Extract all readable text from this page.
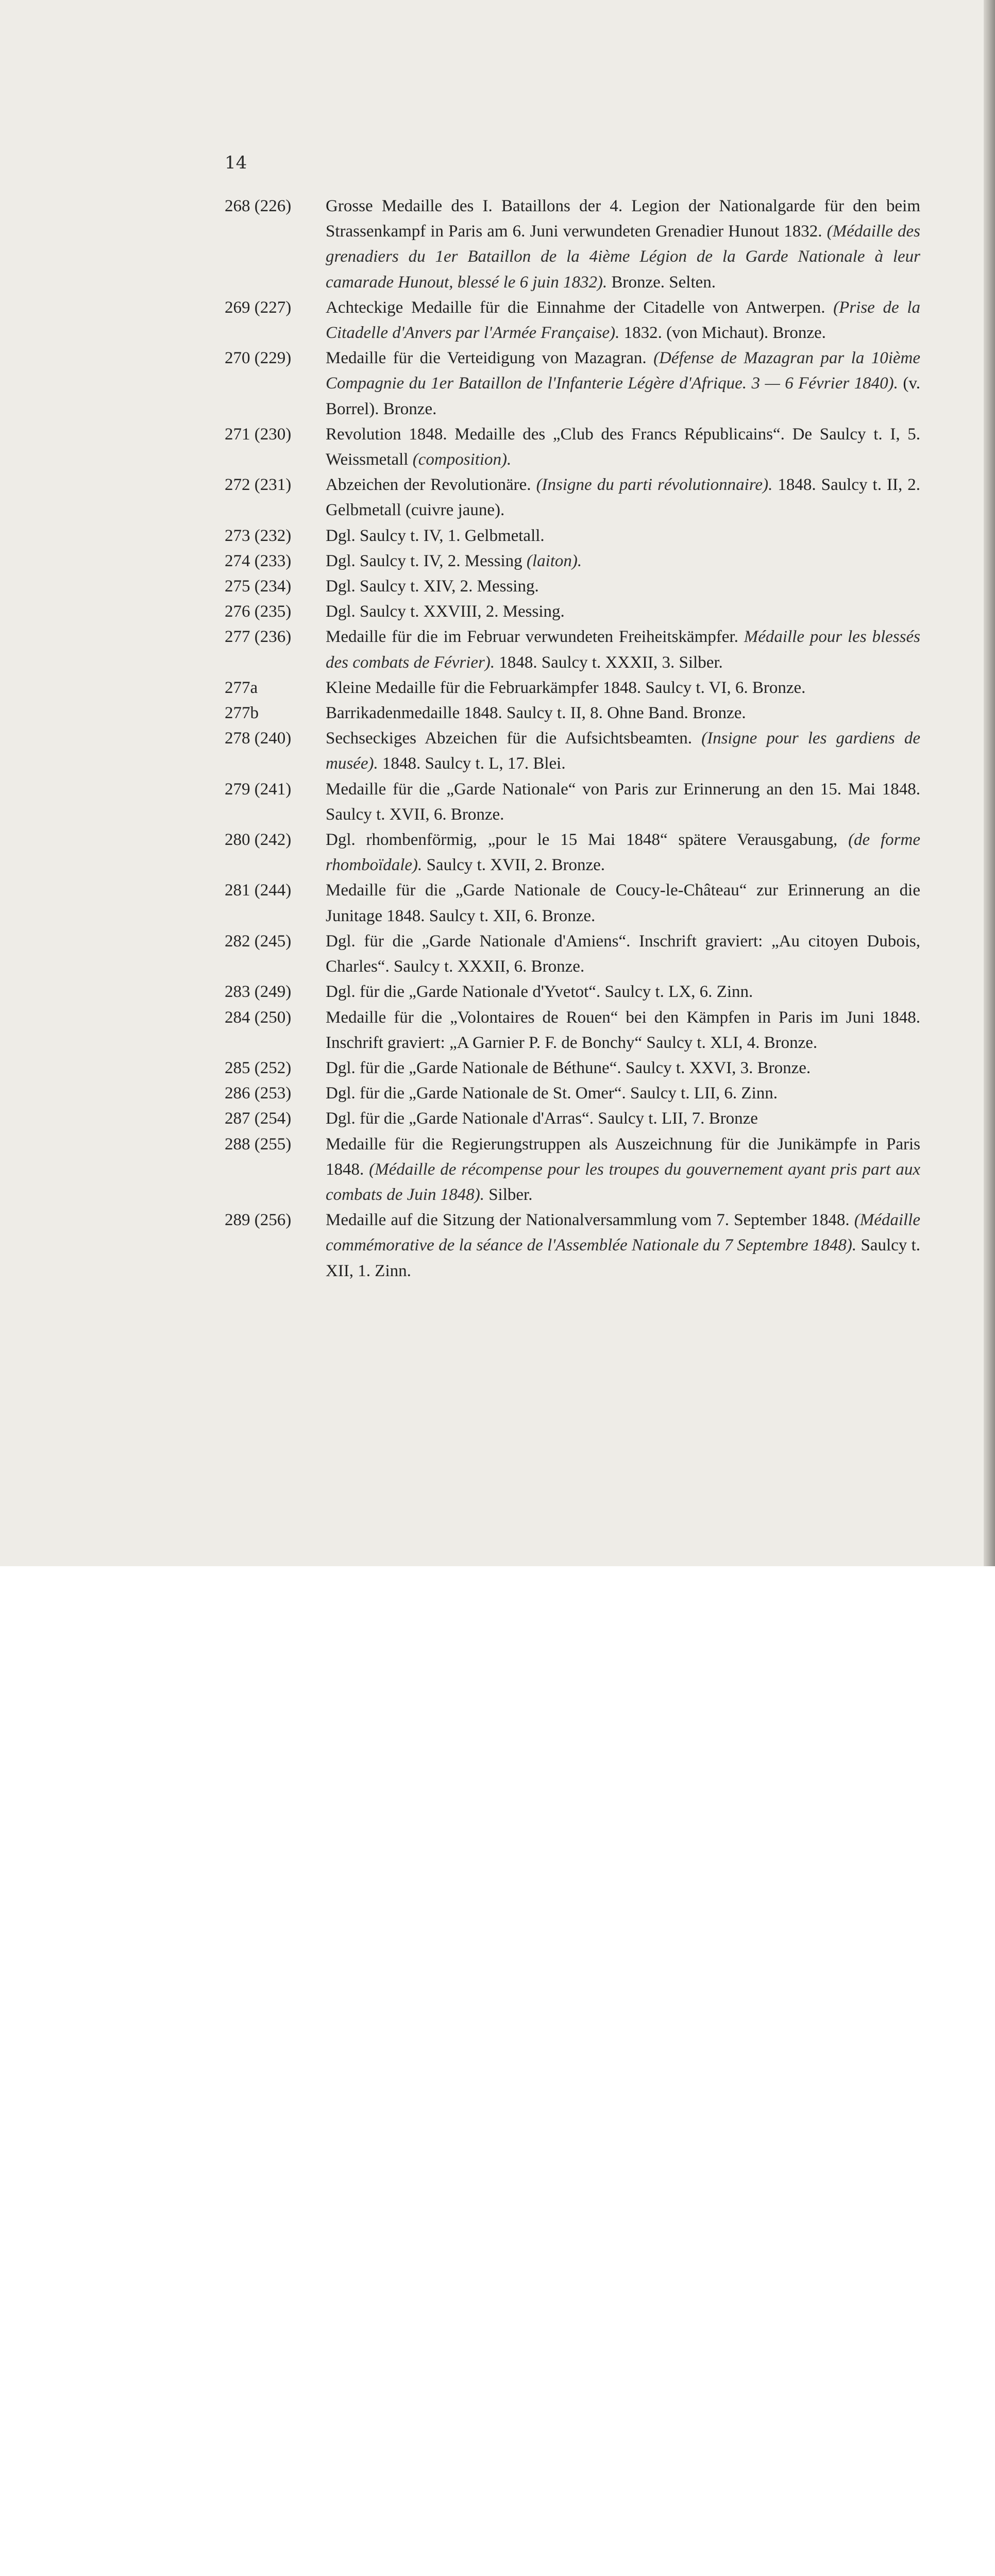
14
268 (226)	Grosse Medaille des I. Bataillons der 4. Legion der Nationalgarde für den beim Strassenkampf in Paris am 6. Juni verwundeten Grenadier Hunout 1832. (Médaille des grenadiers du 1er Bataillon de la 4ième Légion de la Garde Nationale à leur camarade Hunout, blessé le 6 juin 1832). Bronze. Selten.
269 (227)	Achteckige Medaille für die Einnahme der Citadelle von Antwerpen. (Prise de la Citadelle d'Anvers par l'Armée Française). 1832. (von Michaut). Bronze.
270 (229)	Medaille für die Verteidigung von Mazagran. (Défense de Mazagran par la 10ième Compagnie du 1er Bataillon de l'Infanterie Légère d'Afrique. 3 — 6 Février 1840). (v. Borrel). Bronze.
271 (230)	Revolution 1848. Medaille des „Club des Francs Républicains“. De Saulcy t. I, 5. Weissmetall (composition).
272 (231)	Abzeichen der Revolutionäre. (Insigne du parti révolutionnaire). 1848. Saulcy t. II, 2. Gelbmetall (cuivre jaune).
273 (232)	Dgl. Saulcy t. IV, 1. Gelbmetall.
274 (233)	Dgl. Saulcy t. IV, 2. Messing (laiton).
275 (234)	Dgl. Saulcy t. XIV, 2. Messing.
276 (235)	Dgl. Saulcy t. XXVIII, 2. Messing.
277 (236)	Medaille für die im Februar verwundeten Freiheitskämpfer. Médaille pour les blessés des combats de Février). 1848. Saulcy t. XXXII, 3. Silber.
277a	Kleine Medaille für die Februarkämpfer 1848. Saulcy t. VI, 6. Bronze.
277b	Barrikadenmedaille 1848. Saulcy t. II, 8. Ohne Band. Bronze.
278 (240)	Sechseckiges Abzeichen für die Aufsichtsbeamten. (Insigne pour les gardiens de musée). 1848. Saulcy t. L, 17. Blei.
279 (241)	Medaille für die „Garde Nationale“ von Paris zur Erinnerung an den 15. Mai 1848. Saulcy t. XVII, 6. Bronze.
280 (242)	Dgl. rhombenförmig, „pour le 15 Mai 1848“ spätere Verausgabung, (de forme rhomboïdale). Saulcy t. XVII, 2. Bronze.
281 (244)	Medaille für die „Garde Nationale de Coucy-le-Château“ zur Erinnerung an die Junitage 1848. Saulcy t. XII, 6. Bronze.
282 (245)	Dgl. für die „Garde Nationale d'Amiens“. Inschrift graviert: „Au citoyen Dubois, Charles“. Saulcy t. XXXII, 6. Bronze.
283 (249)	Dgl. für die „Garde Nationale d'Yvetot“. Saulcy t. LX, 6. Zinn.
284 (250)	Medaille für die „Volontaires de Rouen“ bei den Kämpfen in Paris im Juni 1848. Inschrift graviert: „A Garnier P. F. de Bonchy“ Saulcy t. XLI, 4. Bronze.
285 (252)	Dgl. für die „Garde Nationale de Béthune“. Saulcy t. XXVI, 3. Bronze.
286 (253)	Dgl. für die „Garde Nationale de St. Omer“. Saulcy t. LII, 6. Zinn.
287 (254)	Dgl. für die „Garde Nationale d'Arras“. Saulcy t. LII, 7. Bronze
288 (255)	Medaille für die Regierungstruppen als Auszeichnung für die Junikämpfe in Paris 1848. (Médaille de récompense pour les troupes du gouvernement ayant pris part aux combats de Juin 1848). Silber.
289 (256)	Medaille auf die Sitzung der Nationalversammlung vom 7. September 1848. (Médaille commémorative de la séance de l'Assemblée Nationale du 7 Septembre 1848). Saulcy t. XII, 1. Zinn.
